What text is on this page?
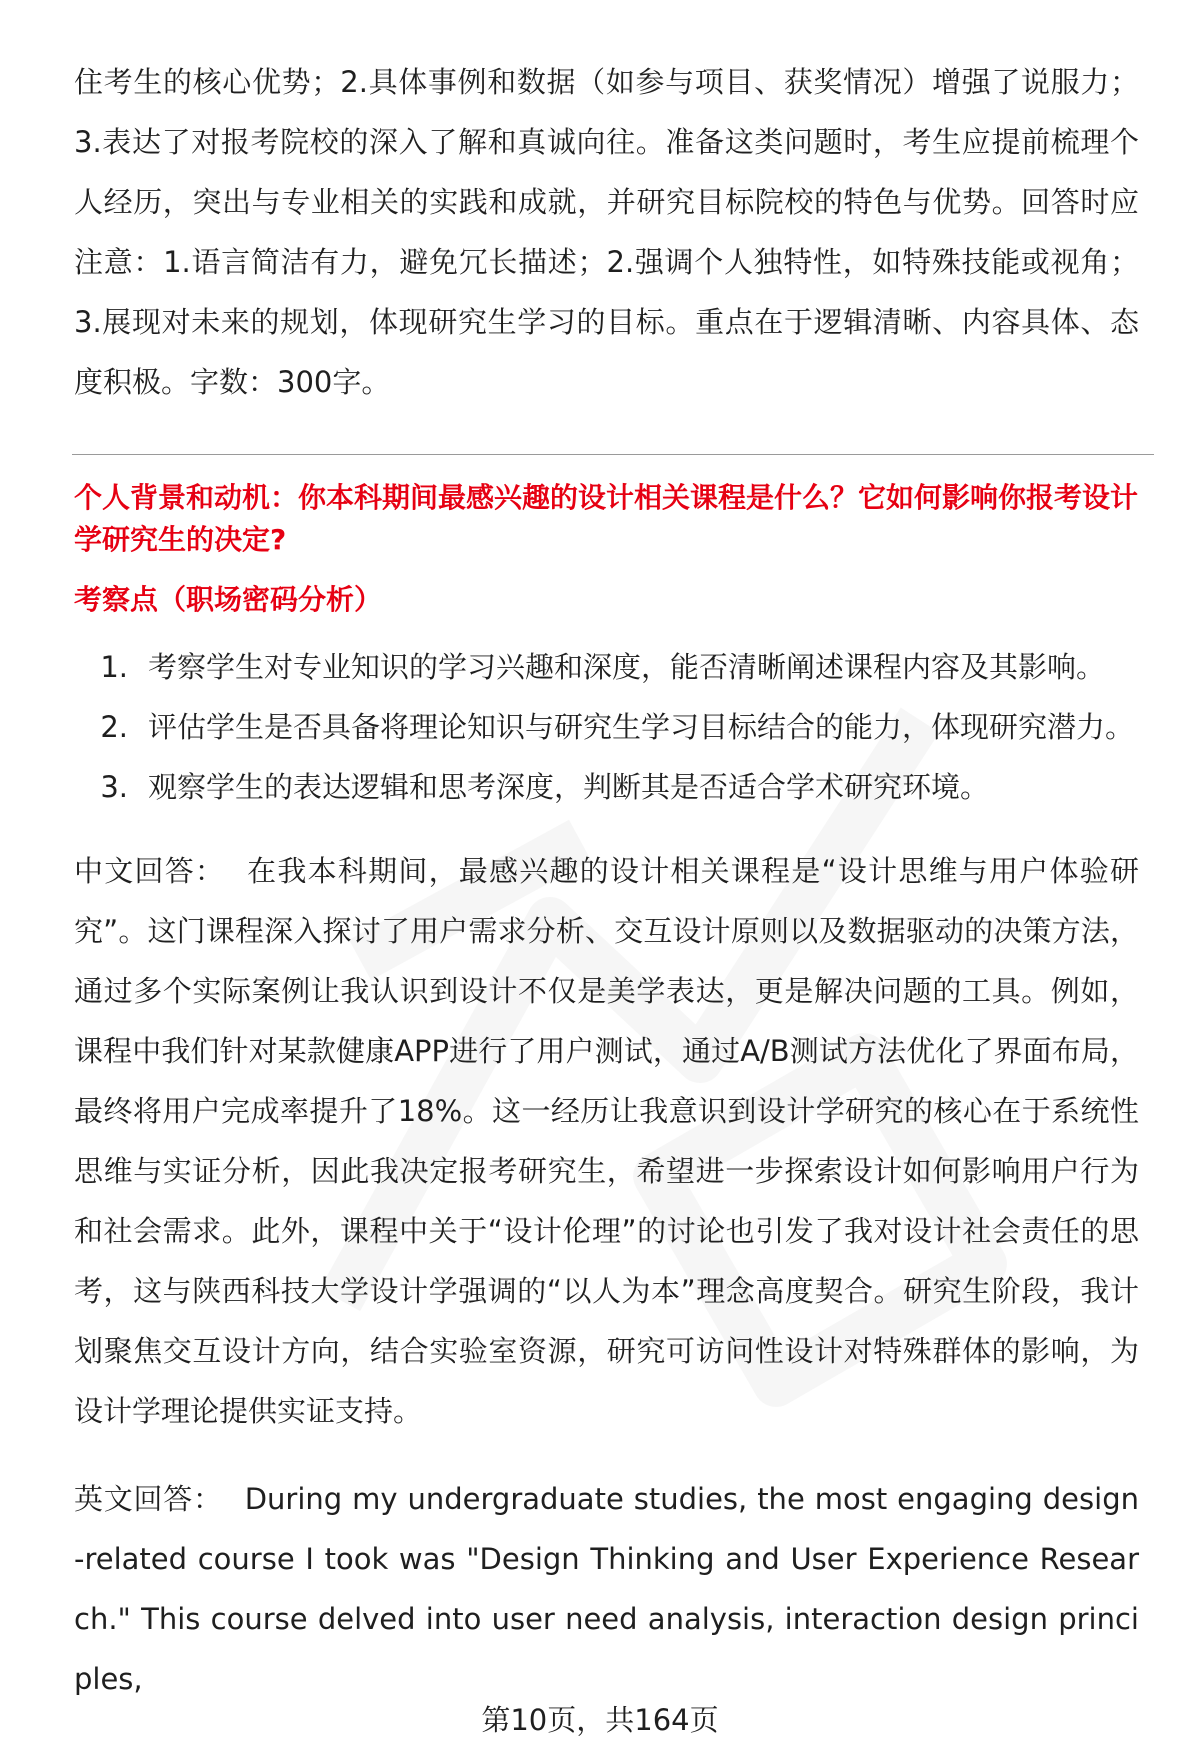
住考生的核心优势；2.具体事例和数据（如参与项目、获奖情况）增强了说服力；3.表达了对报考院校的深入了解和真诚向往。准备这类问题时，考生应提前梳理个人经历，突出与专业相关的实践和成就，并研究目标院校的特色与优势。回答时应注意：1.语言简洁有力，避免冗长描述；2.强调个人独特性，如特殊技能或视角；3.展现对未来的规划，体现研究生学习的目标。重点在于逻辑清晰、内容具体、态度积极。字数：300字。

个人背景和动机：你本科期间最感兴趣的设计相关课程是什么？它如何影响你报考设计学研究生的决定?

考察点（职场密码分析）

1. 考察学生对专业知识的学习兴趣和深度，能否清晰阐述课程内容及其影响。
2. 评估学生是否具备将理论知识与研究生学习目标结合的能力，体现研究潜力。
3. 观察学生的表达逻辑和思考深度，判断其是否适合学术研究环境。

中文回答： 在我本科期间，最感兴趣的设计相关课程是“设计思维与用户体验研究”。这门课程深入探讨了用户需求分析、交互设计原则以及数据驱动的决策方法，通过多个实际案例让我认识到设计不仅是美学表达，更是解决问题的工具。例如，课程中我们针对某款健康APP进行了用户测试，通过A/B测试方法优化了界面布局，最终将用户完成率提升了18%。这一经历让我意识到设计学研究的核心在于系统性思维与实证分析，因此我决定报考研究生，希望进一步探索设计如何影响用户行为和社会需求。此外，课程中关于“设计伦理”的讨论也引发了我对设计社会责任的思考，这与陕西科技大学设计学强调的“以人为本”理念高度契合。研究生阶段，我计划聚焦交互设计方向，结合实验室资源，研究可访问性设计对特殊群体的影响，为设计学理论提供实证支持。

英文回答： During my undergraduate studies, the most engaging design-related course I took was "Design Thinking and User Experience Research." This course delved into user need analysis, interaction design principles,

第10页，共164页
